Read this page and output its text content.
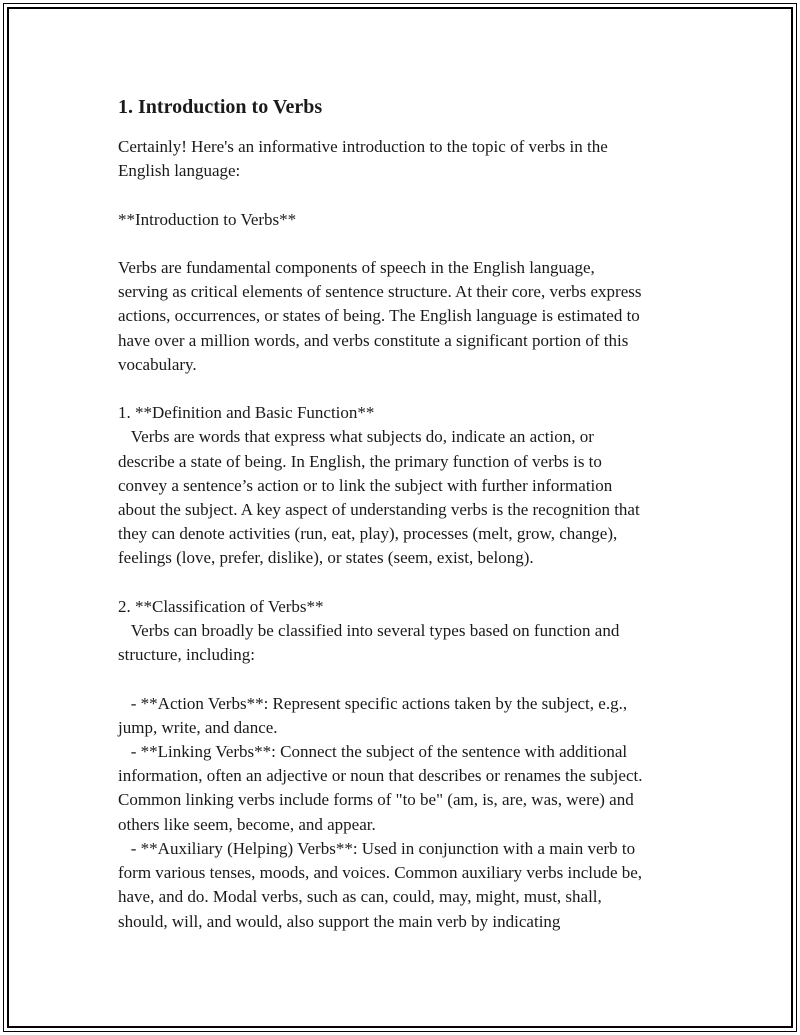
1. Introduction to Verbs

Certainly! Here's an informative introduction to the topic of verbs in the
English language:

**Introduction to Verbs**

Verbs are fundamental components of speech in the English language,
serving as critical elements of sentence structure. At their core, verbs express
actions, occurrences, or states of being. The English language is estimated to
have over a million words, and verbs constitute a significant portion of this
vocabulary.

1. **Definition and Basic Function**
Verbs are words that express what subjects do, indicate an action, or
describe a state of being. In English, the primary function of verbs is to
convey a sentence’s action or to link the subject with further information
about the subject. A key aspect of understanding verbs is the recognition that
they can denote activities (run, eat, play), processes (melt, grow, change),
feelings (love, prefer, dislike), or states (seem, exist, belong).

2. **Classification of Verbs**
Verbs can broadly be classified into several types based on function and
structure, including:

- **Action Verbs**: Represent specific actions taken by the subject, e.g.,
jump, write, and dance.
- **Linking Verbs**: Connect the subject of the sentence with additional
information, often an adjective or noun that describes or renames the subject.
Common linking verbs include forms of "to be" (am, is, are, was, were) and
others like seem, become, and appear.
- **Auxiliary (Helping) Verbs**: Used in conjunction with a main verb to
form various tenses, moods, and voices. Common auxiliary verbs include be,
have, and do. Modal verbs, such as can, could, may, might, must, shall,
should, will, and would, also support the main verb by indicating
